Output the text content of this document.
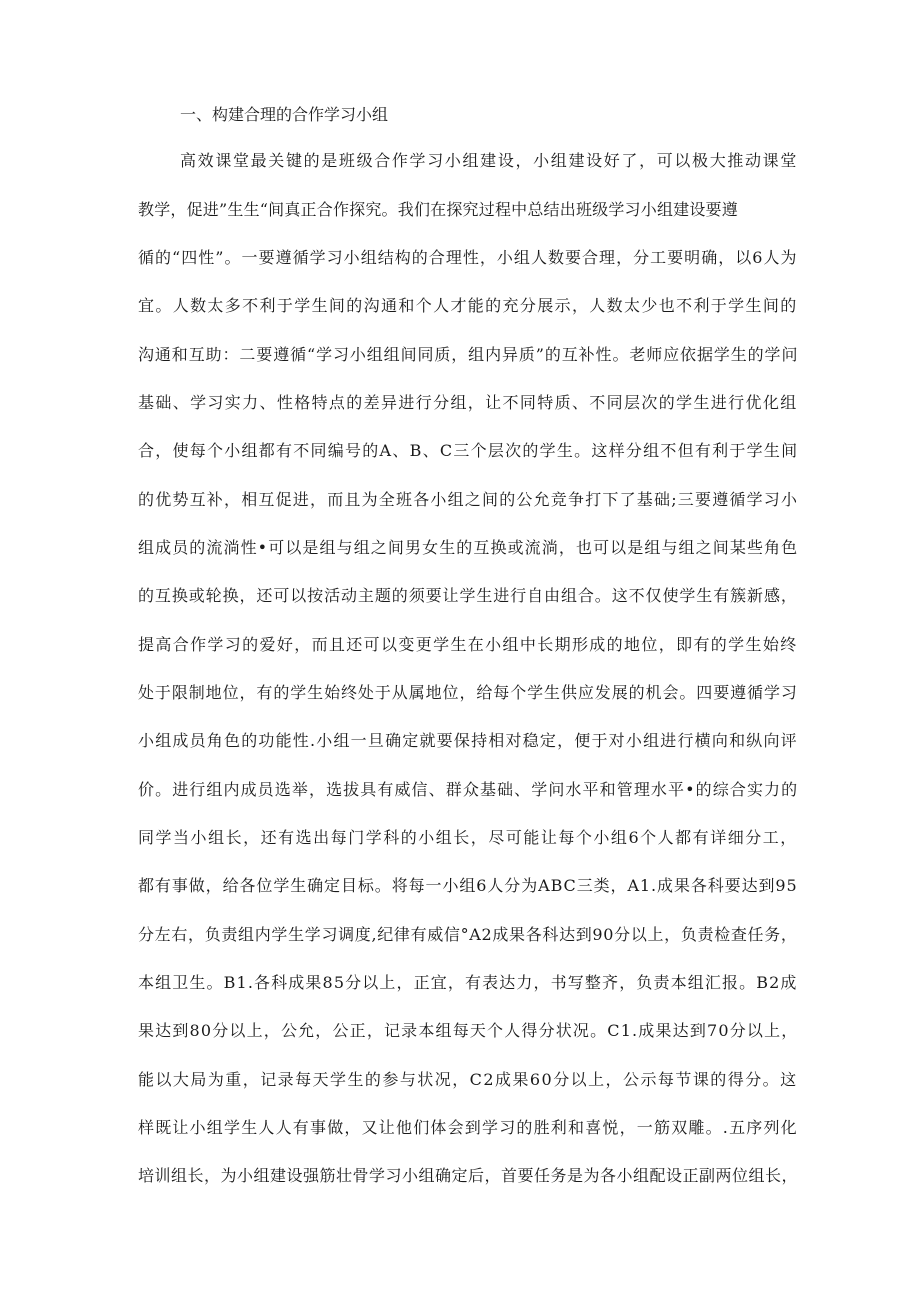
一、构建合理的合作学习小组
高效课堂最关键的是班级合作学习小组建设，小组建设好了，可以极大推动课堂
教学，促进”生生“间真正合作探究。我们在探究过程中总结出班级学习小组建设要遵
循的“四性”。一要遵循学习小组结构的合理性，小组人数要合理，分工要明确，以6人为
宜。人数太多不利于学生间的沟通和个人才能的充分展示，人数太少也不利于学生间的
沟通和互助：二要遵循“学习小组组间同质，组内异质”的互补性。老师应依据学生的学问
基础、学习实力、性格特点的差异进行分组，让不同特质、不同层次的学生进行优化组
合，使每个小组都有不同编号的A、B、C三个层次的学生。这样分组不但有利于学生间
的优势互补，相互促进，而且为全班各小组之间的公允竞争打下了基础;三要遵循学习小
组成员的流淌性•可以是组与组之间男女生的互换或流淌，也可以是组与组之间某些角色
的互换或轮换，还可以按活动主题的须要让学生进行自由组合。这不仅使学生有簇新感，
提高合作学习的爱好，而且还可以变更学生在小组中长期形成的地位，即有的学生始终
处于限制地位，有的学生始终处于从属地位，给每个学生供应发展的机会。四要遵循学习
小组成员角色的功能性.小组一旦确定就要保持相对稳定，便于对小组进行横向和纵向评
价。进行组内成员选举，选拔具有威信、群众基础、学问水平和管理水平•的综合实力的
同学当小组长，还有选出每门学科的小组长，尽可能让每个小组6个人都有详细分工，
都有事做，给各位学生确定目标。将每一小组6人分为ABC三类，A1.成果各科要达到95
分左右，负责组内学生学习调度,纪律有威信°A2成果各科达到90分以上，负责检查任务，
本组卫生。B1.各科成果85分以上，正宜，有表达力，书写整齐，负责本组汇报。B2成
果达到80分以上，公允，公正，记录本组每天个人得分状况。C1.成果达到70分以上，
能以大局为重，记录每天学生的参与状况，C2成果60分以上，公示每节课的得分。这
样既让小组学生人人有事做，又让他们体会到学习的胜利和喜悦，一筋双雕。.五序列化
培训组长，为小组建设强筋壮骨学习小组确定后，首要任务是为各小组配设正副两位组长，
